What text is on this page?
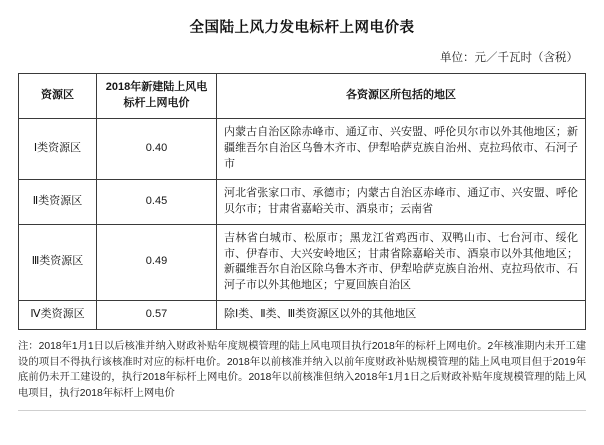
全国陆上风力发电标杆上网电价表
单位：元／千瓦时（含税）
资源区	2018年新建陆上风电标杆上网电价	各资源区所包括的地区
Ⅰ类资源区	0.40	内蒙古自治区除赤峰市、通辽市、兴安盟、呼伦贝尔市以外其他地区；新疆维吾尔自治区乌鲁木齐市、伊犁哈萨克族自治州、克拉玛依市、石河子市
Ⅱ类资源区	0.45	河北省张家口市、承德市；内蒙古自治区赤峰市、通辽市、兴安盟、呼伦贝尔市；甘肃省嘉峪关市、酒泉市；云南省
Ⅲ类资源区	0.49	吉林省白城市、松原市；黑龙江省鸡西市、双鸭山市、七台河市、绥化市、伊春市、大兴安岭地区；甘肃省除嘉峪关市、酒泉市以外其他地区；新疆维吾尔自治区除乌鲁木齐市、伊犁哈萨克族自治州、克拉玛依市、石河子市以外其他地区；宁夏回族自治区
Ⅳ类资源区	0.57	除Ⅰ类、Ⅱ类、Ⅲ类资源区以外的其他地区
注：2018年1月1日以后核准并纳入财政补贴年度规模管理的陆上风电项目执行2018年的标杆上网电价。2年核准期内未开工建设的项目不得执行该核准时对应的标杆电价。2018年以前核准并纳入以前年度财政补贴规模管理的陆上风电项目但于2019年底前仍未开工建设的，执行2018年标杆上网电价。2018年以前核准但纳入2018年1月1日之后财政补贴年度规模管理的陆上风电项目，执行2018年标杆上网电价
